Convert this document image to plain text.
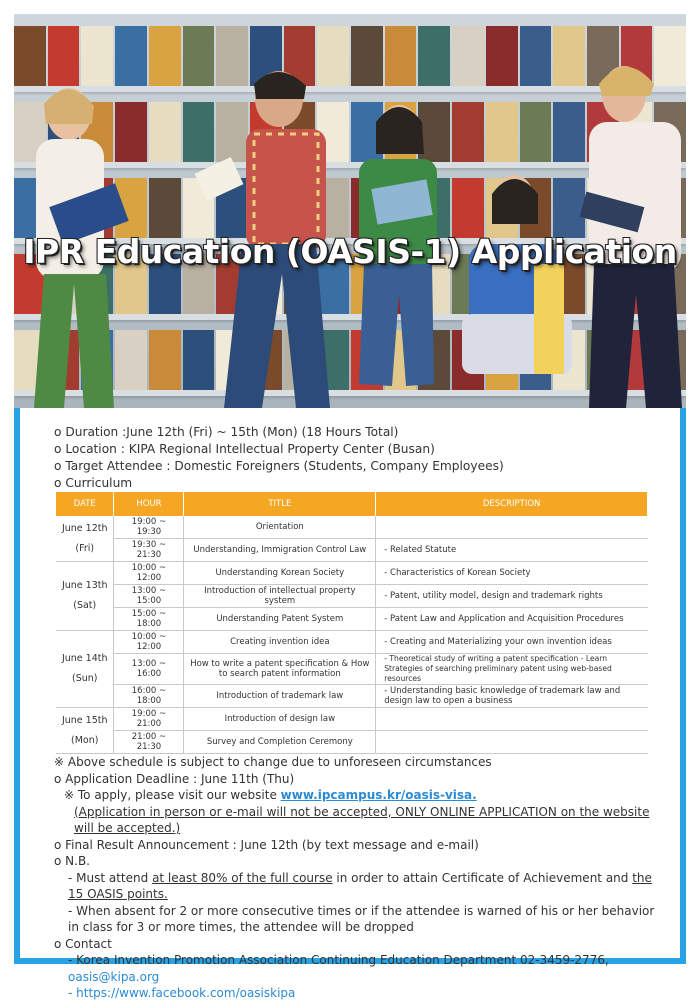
IPR Education (OASIS-1) Application
o Duration :June 12th (Fri) ~ 15th (Mon) (18 Hours Total)
o Location : KIPA Regional Intellectual Property Center (Busan)
o Target Attendee : Domestic Foreigners (Students, Company Employees)
o Curriculum
DATE	HOUR	TITLE	DESCRIPTION

June 12th
(Fri)	19:00 ~ 19:30	Orientation	
	19:30 ~ 21:30	Understanding, Immigration Control Law	- Related Statute

June 13th
(Sat)	10:00 ~ 12:00	Understanding Korean Society	- Characteristics of Korean Society
	13:00 ~ 15:00	Introduction of intellectual property system	- Patent, utility model, design and trademark rights
	15:00 ~ 18:00	Understanding Patent System	- Patent Law and Application and Acquisition Procedures

June 14th
(Sun)	10:00 ~ 12:00	Creating invention idea	- Creating and Materializing your own invention ideas
	13:00 ~ 16:00	How to write a patent specification & How to search patent information	- Theoretical study of writing a patent specification - Learn Strategies of searching preliminary patent using web-based resources
	16:00 ~ 18:00	Introduction of trademark law	- Understanding basic knowledge of trademark law and design law to open a business

June 15th
(Mon)	19:00 ~ 21:00	Introduction of design law	
	21:00 ~ 21:30	Survey and Completion Ceremony	
※ Above schedule is subject to change due to unforeseen circumstances
o Application Deadline : June 11th (Thu)
※ To apply, please visit our website www.ipcampus.kr/oasis-visa.
(Application in person or e-mail will not be accepted, ONLY ONLINE APPLICATION on the website will be accepted.)
o Final Result Announcement : June 12th (by text message and e-mail)
o N.B.
- Must attend at least 80% of the full course in order to attain Certificate of Achievement and the 15 OASIS points.
- When absent for 2 or more consecutive times or if the attendee is warned of his or her behavior in class for 3 or more times, the attendee will be dropped
o Contact
- Korea Invention Promotion Association Continuing Education Department 02-3459-2776, oasis@kipa.org
- https://www.facebook.com/oasiskipa
